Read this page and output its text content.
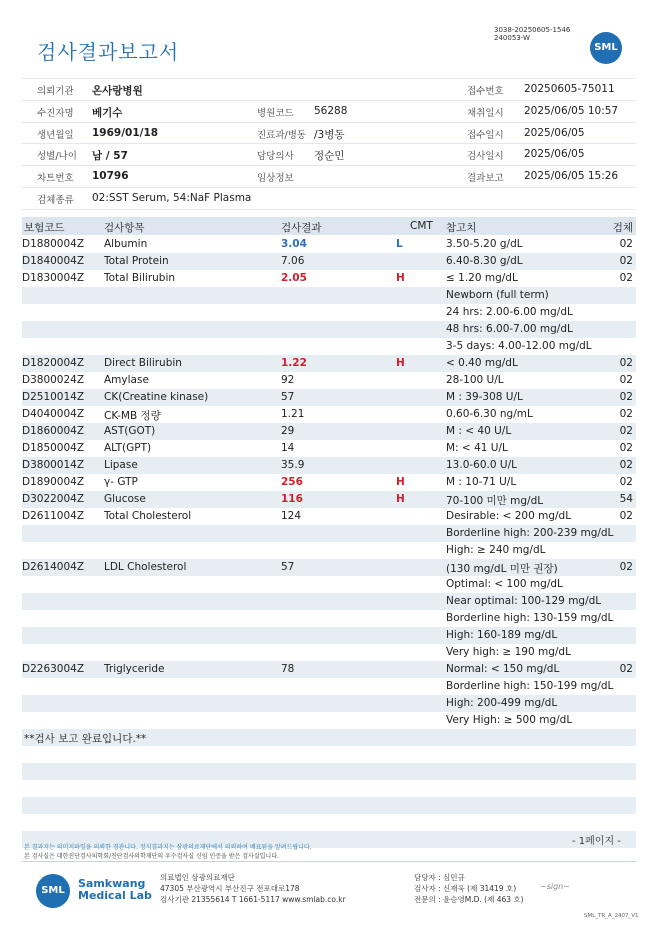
검사결과보고서
3038-20250605-1546
240053-W
SML
의뢰기관 온사랑병원	접수번호 20250605-75011
수진자명 베기수	병원코드 56288	채취일시 2025/06/05 10:57
생년월일 1969/01/18	진료과/병동 /3병동	접수일시 2025/06/05
성별/나이 남 / 57	담당의사 정순민	검사일시 2025/06/05
차트번호 10796	임상정보	결과보고 2025/06/05 15:26
검체종류 02:SST Serum, 54:NaF Plasma
보험코드	검사항목	검사결과	CMT 참고치	검체
D1880004Z Albumin	3.04	L	3.50-5.20 g/dL	02
D1840004Z Total Protein	7.06	6.40-8.30 g/dL	02
D1830004Z Total Bilirubin	2.05	H	≤ 1.20 mg/dL	02
Newborn (full term)
24 hrs: 2.00-6.00 mg/dL
48 hrs: 6.00-7.00 mg/dL
3-5 days: 4.00-12.00 mg/dL
D1820004Z Direct Bilirubin	1.22	H	< 0.40 mg/dL	02
D3800024Z Amylase	92	28-100 U/L	02
D2510014Z CK(Creatine kinase)	57	M : 39-308 U/L	02
D4040004Z CK-MB 정량	1.21	0.60-6.30 ng/mL	02
D1860004Z AST(GOT)	29	M : < 40 U/L	02
D1850004Z ALT(GPT)	14	M: < 41 U/L	02
D3800014Z Lipase	35.9	13.0-60.0 U/L	02
D1890004Z γ- GTP	256	H	M : 10-71 U/L	02
D3022004Z Glucose	116	H	70-100 미만 mg/dL	54
D2611004Z Total Cholesterol	124	Desirable: < 200 mg/dL	02
Borderline high: 200-239 mg/dL
High: ≥ 240 mg/dL
D2614004Z LDL Cholesterol	57	(130 mg/dL 미만 권장)	02
Optimal: < 100 mg/dL
Near optimal: 100-129 mg/dL
Borderline high: 130-159 mg/dL
High: 160-189 mg/dL
Very high: ≥ 190 mg/dL
D2263004Z Triglyceride	78	Normal: < 150 mg/dL	02
Borderline high: 150-199 mg/dL
High: 200-499 mg/dL
Very High: ≥ 500 mg/dL
**검사 보고 완료입니다.**
본 결과지는 의미지파일을 의뢰한 경관니다. 정식결과지는 삼광의료재단에서 의뢰하여 배표됨을 알려드립니다.
본 검사실은 대한진단검사의학회/진단검사의학재단의 우수검사실 신임 인증을 받은 검사실입니다.
- 1페이지 -
SML
Samkwang
Medical Lab
의료법인 삼광의료재단
47305 부산광역시 부산진구 전포대로178
검사기관 21355614 T 1661-5117 www.smlab.co.kr
담당자 : 심민규
검사자 : 신재욱 (제 31419 호)
전문의 : 윤승영M.D. (제 463 호)
~sign~
SML_TR_A_2407_V1
